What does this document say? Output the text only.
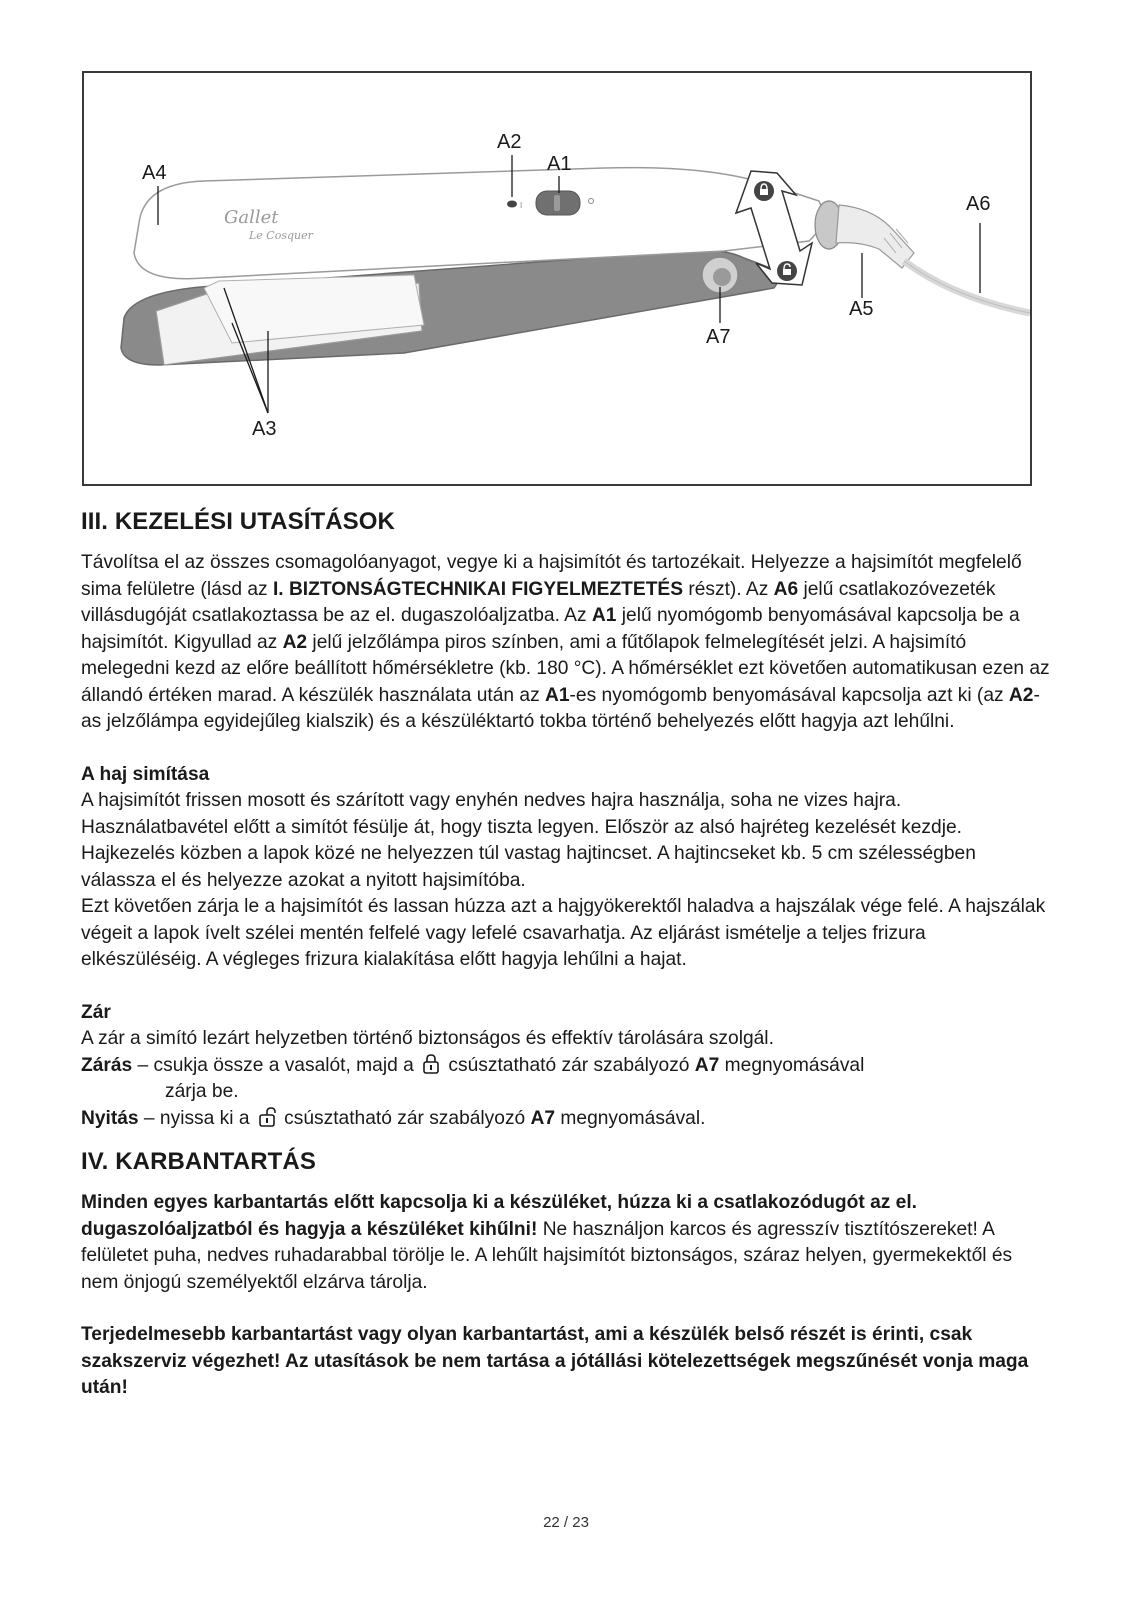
I
Gallet
Le Cosquer
A4
A2
A1
A6
A5
A7
A3
III. KEZELÉSI UTASÍTÁSOK

Távolítsa el az összes csomagolóanyagot, vegye ki a hajsimítót és tartozékait. Helyezze a hajsimítót megfelelő sima felületre (lásd az I. BIZTONSÁGTECHNIKAI FIGYELMEZTETÉS részt). Az A6 jelű csatlakozóvezeték villásdugóját csatlakoztassa be az el. dugaszolóaljzatba. Az A1 jelű nyomógomb benyomásával kapcsolja be a hajsimítót. Kigyullad az A2 jelű jelzőlámpa piros színben, ami a fűtőlapok felmelegítését jelzi. A hajsimító melegedni kezd az előre beállított hőmérsékletre (kb. 180 °C). A hőmérséklet ezt követően automatikusan ezen az állandó értéken marad. A készülék használata után az A1-es nyomógomb benyomásával kapcsolja azt ki (az A2-as jelzőlámpa egyidejűleg kialszik) és a készüléktartó tokba történő behelyezés előtt hagyja azt lehűlni.

A haj simítása

A hajsimítót frissen mosott és szárított vagy enyhén nedves hajra használja, soha ne vizes hajra. Használatbavétel előtt a simítót fésülje át, hogy tiszta legyen. Először az alsó hajréteg kezelését kezdje. Hajkezelés közben a lapok közé ne helyezzen túl vastag hajtincset. A hajtincseket kb. 5 cm szélességben válassza el és helyezze azokat a nyitott hajsimítóba.

Ezt követően zárja le a hajsimítót és lassan húzza azt a hajgyökerektől haladva a hajszálak vége felé. A hajszálak végeit a lapok ívelt szélei mentén felfelé vagy lefelé csavarhatja. Az eljárást ismételje a teljes frizura elkészüléséig. A végleges frizura kialakítása előtt hagyja lehűlni a hajat.

Zár

A zár a simító lezárt helyzetben történő biztonságos és effektív tárolására szolgál.

Zárás – csukja össze a vasalót, majd a  csúsztatható zár szabályozó A7 megnyomásával

zárja be.

Nyitás – nyissa ki a  csúsztatható zár szabályozó A7 megnyomásával.

IV. KARBANTARTÁS

Minden egyes karbantartás előtt kapcsolja ki a készüléket, húzza ki a csatlakozódugót az el. dugaszolóaljzatból és hagyja a készüléket kihűlni! Ne használjon karcos és agresszív tisztítószereket! A felületet puha, nedves ruhadarabbal törölje le. A lehűlt hajsimítót biztonságos, száraz helyen, gyermekektől és nem önjogú személyektől elzárva tárolja.

Terjedelmesebb karbantartást vagy olyan karbantartást, ami a készülék belső részét is érinti, csak szakszerviz végezhet! Az utasítások be nem tartása a jótállási kötelezettségek megszűnését vonja maga után!

22 / 23
